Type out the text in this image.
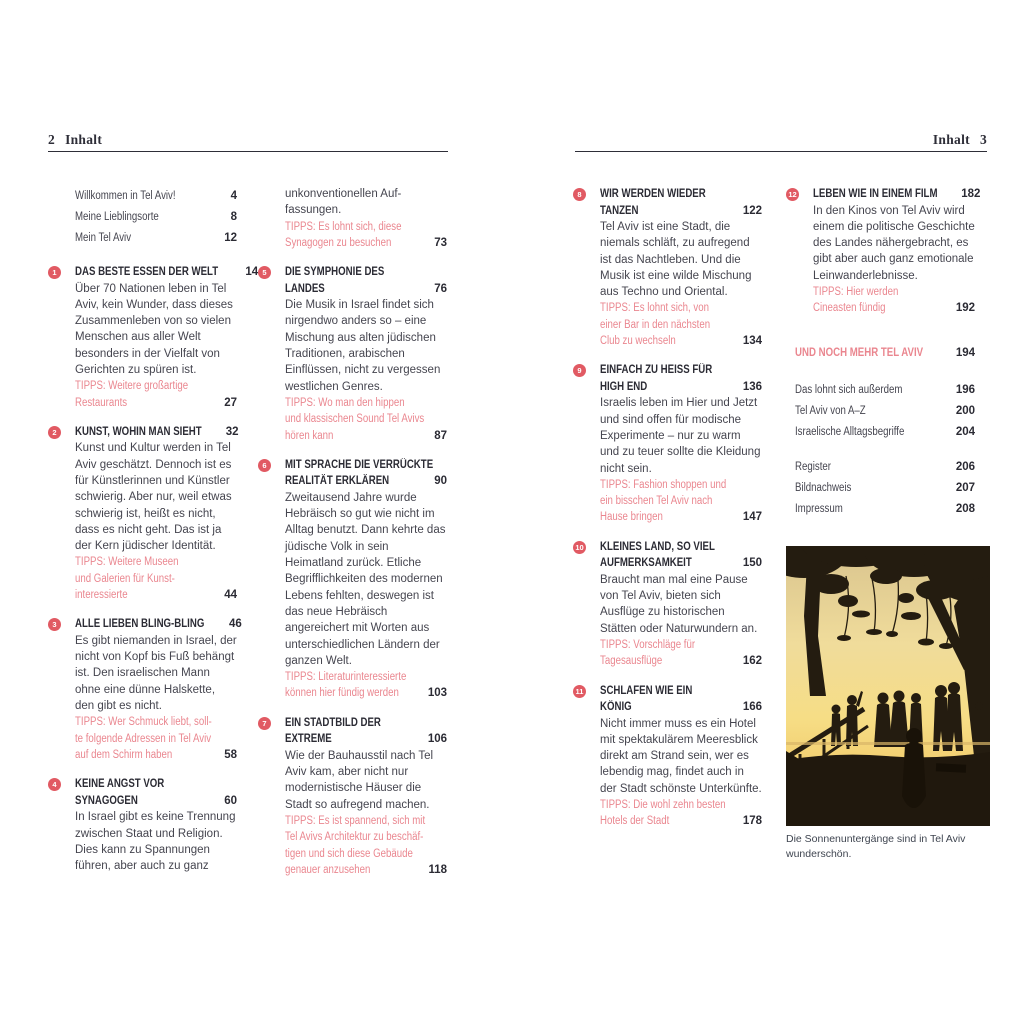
2 Inhalt	Inhalt 3
Willkommen in Tel Aviv!	4
Meine Lieblingsorte	8
Mein Tel Aviv	12
1	DAS BESTE ESSEN DER WELT 14
Über 70 Nationen leben in Tel Aviv, kein Wunder, dass dieses Zusammenleben von so vielen Menschen aus aller Welt besonders in der Vielfalt von Gerichten zu spüren ist.
TIPPS: Weitere großartige
Restaurants	27
2	KUNST, WOHIN MAN SIEHT 32
Kunst und Kultur werden in Tel Aviv geschätzt. Dennoch ist es für Künstlerinnen und Künstler schwierig. Aber nur, weil etwas schwierig ist, heißt es nicht, dass es nicht geht. Das ist ja der Kern jüdischer Identität.
TIPPS: Weitere Museen
und Galerien für Kunst-
interessierte	44
3	ALLE LIEBEN BLING-BLING 46
Es gibt niemanden in Israel, der nicht von Kopf bis Fuß behängt ist. Den israelischen Mann ohne eine dünne Halskette, den gibt es nicht.
TIPPS: Wer Schmuck liebt, soll-
te folgende Adressen in Tel Aviv
auf dem Schirm haben	58
4	KEINE ANGST VOR
SYNAGOGEN	60
In Israel gibt es keine Trennung zwischen Staat und Religion. Dies kann zu Spannungen führen, aber auch zu ganz
unkonventionellen Auf-
fassungen.
TIPPS: Es lohnt sich, diese
Synagogen zu besuchen	73
5	DIE SYMPHONIE DES
LANDES	76
Die Musik in Israel findet sich nirgendwo anders so – eine Mischung aus alten jüdischen Traditionen, arabischen Einflüssen, nicht zu vergessen westlichen Genres.
TIPPS: Wo man den hippen
und klassischen Sound Tel Avivs
hören kann	87
6	MIT SPRACHE DIE VERRÜCKTE
REALITÄT ERKLÄREN	90
Zweitausend Jahre wurde Hebräisch so gut wie nicht im Alltag benutzt. Dann kehrte das jüdische Volk in sein Heimatland zurück. Etliche Begrifflichkeiten des modernen Lebens fehlten, deswegen ist das neue Hebräisch angereichert mit Worten aus unterschiedlichen Ländern der ganzen Welt.
TIPPS: Literaturinteressierte
können hier fündig werden	103
7	EIN STADTBILD DER
EXTREME	106
Wie der Bauhausstil nach Tel Aviv kam, aber nicht nur modernistische Häuser die Stadt so aufregend machen.
TIPPS: Es ist spannend, sich mit
Tel Avivs Architektur zu beschäf-
tigen und sich diese Gebäude
genauer anzusehen	118
8	WIR WERDEN WIEDER
TANZEN	122
Tel Aviv ist eine Stadt, die niemals schläft, zu aufregend ist das Nachtleben. Und die Musik ist eine wilde Mischung aus Techno und Oriental.
TIPPS: Es lohnt sich, von
einer Bar in den nächsten
Club zu wechseln	134
9	EINFACH ZU HEISS FÜR
HIGH END	136
Israelis leben im Hier und Jetzt und sind offen für modische Experimente – nur zu warm und zu teuer sollte die Kleidung nicht sein.
TIPPS: Fashion shoppen und
ein bisschen Tel Aviv nach
Hause bringen	147
10 KLEINES LAND, SO VIEL
AUFMERKSAMKEIT	150
Braucht man mal eine Pause von Tel Aviv, bieten sich Ausflüge zu historischen Stätten oder Naturwundern an.
TIPPS: Vorschläge für
Tagesausflüge	162
11 SCHLAFEN WIE EIN
KÖNIG	166
Nicht immer muss es ein Hotel mit spektakulärem Meeresblick direkt am Strand sein, wer es lebendig mag, findet auch in der Stadt schönste Unterkünfte.
TIPPS: Die wohl zehn besten
Hotels der Stadt	178
12 LEBEN WIE IN EINEM FILM 182
In den Kinos von Tel Aviv wird einem die politische Geschichte des Landes nähergebracht, es gibt aber auch ganz emotionale Leinwanderlebnisse.
TIPPS: Hier werden
Cineasten fündig	192
UND NOCH MEHR TEL AVIV	194
Das lohnt sich außerdem	196
Tel Aviv von A–Z	200
Israelische Alltagsbegriffe	204
Register	206
Bildnachweis	207
Impressum	208
Die Sonnenuntergänge sind in Tel Aviv wunderschön.
